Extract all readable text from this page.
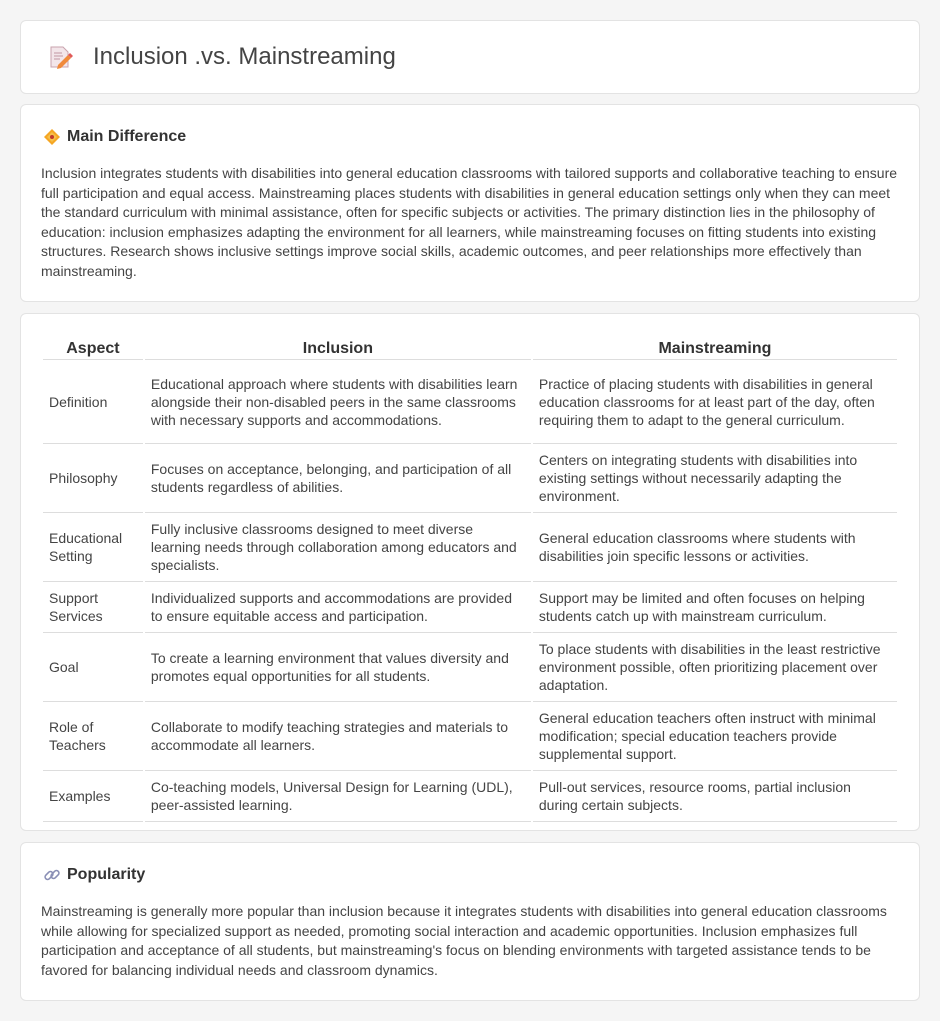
Inclusion .vs. Mainstreaming
Main Difference

Inclusion integrates students with disabilities into general education classrooms with tailored supports and collaborative teaching to ensure full participation and equal access. Mainstreaming places students with disabilities in general education settings only when they can meet the standard curriculum with minimal assistance, often for specific subjects or activities. The primary distinction lies in the philosophy of education: inclusion emphasizes adapting the environment for all learners, while mainstreaming focuses on fitting students into existing structures. Research shows inclusive settings improve social skills, academic outcomes, and peer relationships more effectively than mainstreaming.

Aspect	Inclusion	Mainstreaming
Definition	Educational approach where students with disabilities learn alongside their non-disabled peers in the same classrooms with necessary supports and accommodations.	Practice of placing students with disabilities in general education classrooms for at least part of the day, often requiring them to adapt to the general curriculum.
Philosophy	Focuses on acceptance, belonging, and participation of all students regardless of abilities.	Centers on integrating students with disabilities into existing settings without necessarily adapting the environment.
Educational Setting	Fully inclusive classrooms designed to meet diverse learning needs through collaboration among educators and specialists.	General education classrooms where students with disabilities join specific lessons or activities.
Support Services	Individualized supports and accommodations are provided to ensure equitable access and participation.	Support may be limited and often focuses on helping students catch up with mainstream curriculum.
Goal	To create a learning environment that values diversity and promotes equal opportunities for all students.	To place students with disabilities in the least restrictive environment possible, often prioritizing placement over adaptation.
Role of Teachers	Collaborate to modify teaching strategies and materials to accommodate all learners.	General education teachers often instruct with minimal modification; special education teachers provide supplemental support.
Examples	Co-teaching models, Universal Design for Learning (UDL), peer-assisted learning.	Pull-out services, resource rooms, partial inclusion during certain subjects.
Popularity

Mainstreaming is generally more popular than inclusion because it integrates students with disabilities into general education classrooms while allowing for specialized support as needed, promoting social interaction and academic opportunities. Inclusion emphasizes full participation and acceptance of all students, but mainstreaming's focus on blending environments with targeted assistance tends to be favored for balancing individual needs and classroom dynamics.
